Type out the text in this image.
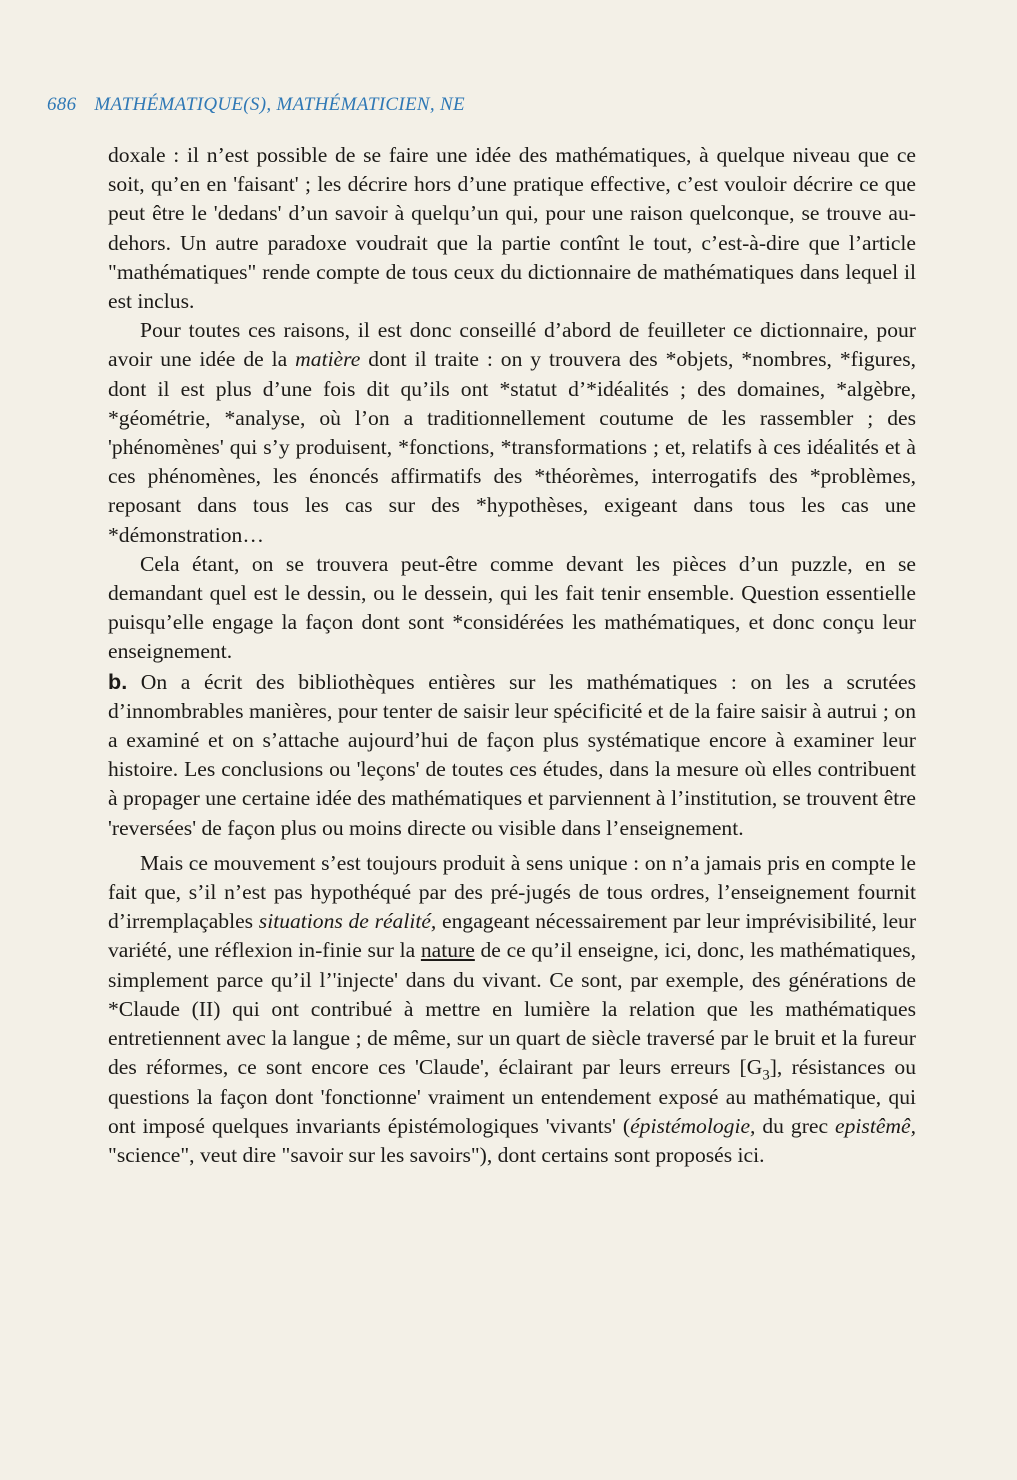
686 MATHÉMATIQUE(S), MATHÉMATICIEN, NE

doxale : il n’est possible de se faire une idée des mathématiques, à quelque niveau que ce soit, qu’en en 'faisant' ; les décrire hors d’une pratique effective, c’est vouloir décrire ce que peut être le 'dedans' d’un savoir à quelqu’un qui, pour une raison quelconque, se trouve au-dehors. Un autre paradoxe voudrait que la partie contînt le tout, c’est-à-dire que l’article "mathématiques" rende compte de tous ceux du dictionnaire de mathématiques dans lequel il est inclus.

Pour toutes ces raisons, il est donc conseillé d’abord de feuilleter ce dictionnaire, pour avoir une idée de la matière dont il traite : on y trouvera des *objets, *nombres, *figures, dont il est plus d’une fois dit qu’ils ont *statut d’*idéalités ; des domaines, *algèbre, *géométrie, *analyse, où l’on a traditionnellement coutume de les rassembler ; des 'phénomènes' qui s’y produisent, *fonctions, *transformations ; et, relatifs à ces idéalités et à ces phénomènes, les énoncés affirmatifs des *théorèmes, interrogatifs des *problèmes, reposant dans tous les cas sur des *hypothèses, exigeant dans tous les cas une *démonstration…

Cela étant, on se trouvera peut-être comme devant les pièces d’un puzzle, en se demandant quel est le dessin, ou le dessein, qui les fait tenir ensemble. Question essentielle puisqu’elle engage la façon dont sont *considérées les mathématiques, et donc conçu leur enseignement.

b. On a écrit des bibliothèques entières sur les mathématiques : on les a scrutées d’innombrables manières, pour tenter de saisir leur spécificité et de la faire saisir à autrui ; on a examiné et on s’attache aujourd’hui de façon plus systématique encore à examiner leur histoire. Les conclusions ou 'leçons' de toutes ces études, dans la mesure où elles contribuent à propager une certaine idée des mathématiques et parviennent à l’institution, se trouvent être 'reversées' de façon plus ou moins directe ou visible dans l’enseignement.

Mais ce mouvement s’est toujours produit à sens unique : on n’a jamais pris en compte le fait que, s’il n’est pas hypothéqué par des pré-jugés de tous ordres, l’enseignement fournit d’irremplaçables situations de réalité, engageant nécessairement par leur imprévisibilité, leur variété, une réflexion in-finie sur la nature de ce qu’il enseigne, ici, donc, les mathématiques, simplement parce qu’il l’'injecte' dans du vivant. Ce sont, par exemple, des générations de *Claude (II) qui ont contribué à mettre en lumière la relation que les mathématiques entretiennent avec la langue ; de même, sur un quart de siècle traversé par le bruit et la fureur des réformes, ce sont encore ces 'Claude', éclairant par leurs erreurs $[G_3]$, résistances ou questions la façon dont 'fonctionne' vraiment un entendement exposé au mathématique, qui ont imposé quelques invariants épistémologiques 'vivants' (épistémologie, du grec epistêmê, "science", veut dire "savoir sur les savoirs"), dont certains sont proposés ici.
